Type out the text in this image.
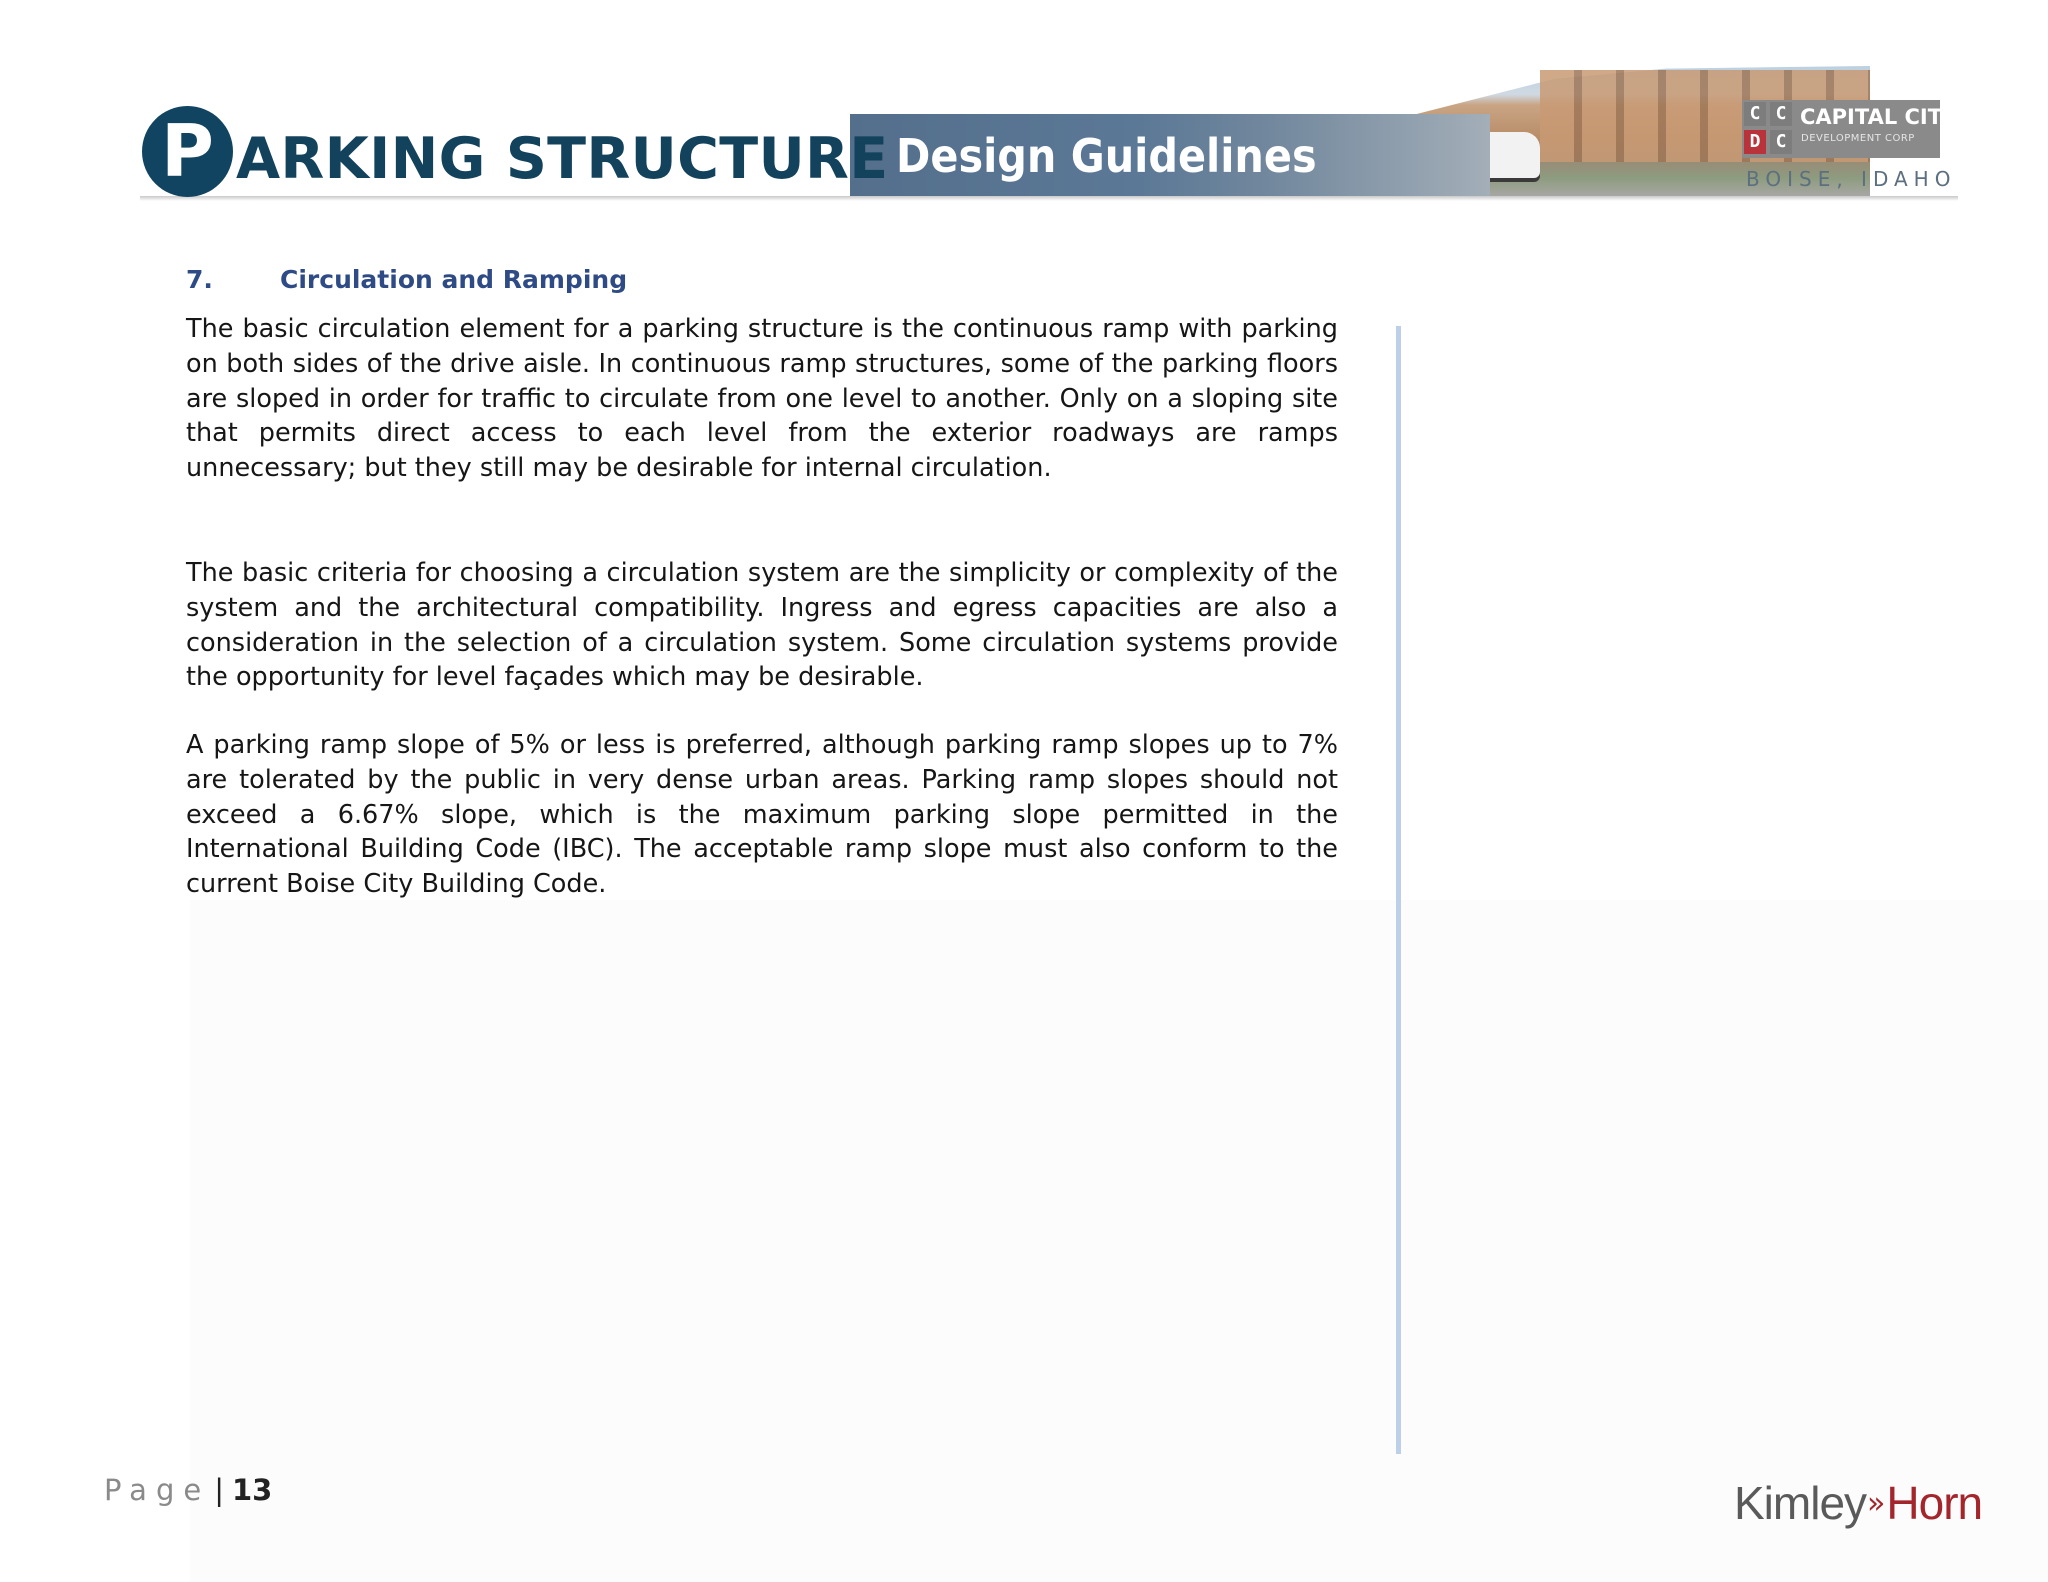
P ARKING STRUCTURE Design Guidelines
C C
D C
CAPITAL CITY
DEVELOPMENT CORP
BOISE, IDAHO
7.	Circulation and Ramping

The basic circulation element for a parking structure is the continuous ramp with parking on both sides of the drive aisle. In continuous ramp structures, some of the parking floors are sloped in order for traffic to circulate from one level to another. Only on a sloping site that permits direct access to each level from the exterior roadways are ramps unnecessary; but they still may be desirable for internal circulation.

The basic criteria for choosing a circulation system are the simplicity or complexity of the system and the architectural compatibility. Ingress and egress capacities are also a consideration in the selection of a circulation system. Some circulation systems provide the opportunity for level façades which may be desirable.

A parking ramp slope of 5% or less is preferred, although parking ramp slopes up to 7% are tolerated by the public in very dense urban areas. Parking ramp slopes should not exceed a 6.67% slope, which is the maximum parking slope permitted in the International Building Code (IBC). The acceptable ramp slope must also conform to the current Boise City Building Code.

Page | 13	Kimley»Horn
